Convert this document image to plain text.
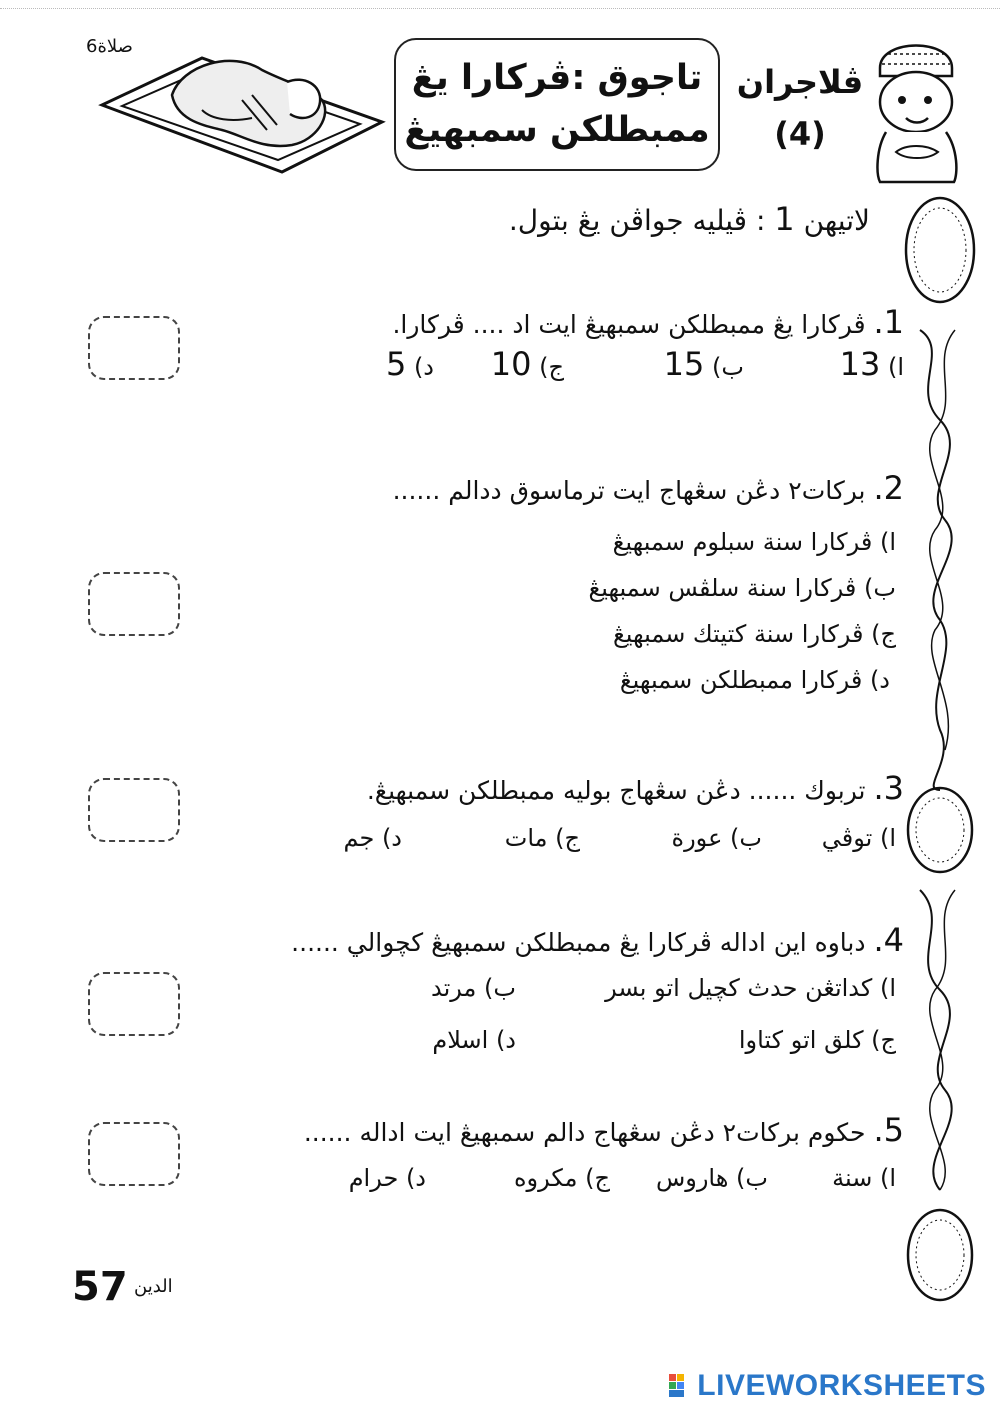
صلاة6
تاجوق :ڤركارا يڠ
ممبطلكن سمبهيڠ
ڤلاجران
(4)
لاتيهن 1 : ڤيليه جواڤن يڠ بتول.
1. ڤركارا يڠ ممبطلكن سمبهيڠ ايت اد .... ڤركارا.
ا) 13
ب) 15
ج) 10
د) 5
2. بركات٢ دڠن سڠهاج ايت ترماسوق ددالم ......
ا) ڤركارا سنة سبلوم سمبهيڠ
ب) ڤركارا سنة سلڤس سمبهيڠ
ج) ڤركارا سنة كتيتك سمبهيڠ
د) ڤركارا ممبطلكن سمبهيڠ
3. تربوك ...... دڠن سڠهاج بوليه ممبطلكن سمبهيڠ.
ا) توڤي
ب) عورة
ج) مات
د) جم
4. دباوه اين اداله ڤركارا يڠ ممبطلكن سمبهيڠ كچوالي ......
ا) كداتڠن حدث كچيل اتو بسر
ب) مرتد
ج) كلق اتو كتاوا
د) اسلام
5. حكوم بركات٢ دڠن سڠهاج دالم سمبهيڠ ايت اداله ......
ا) سنة
ب) هاروس
ج) مكروه
د) حرام
57 الدين
LIVEWORKSHEETS
